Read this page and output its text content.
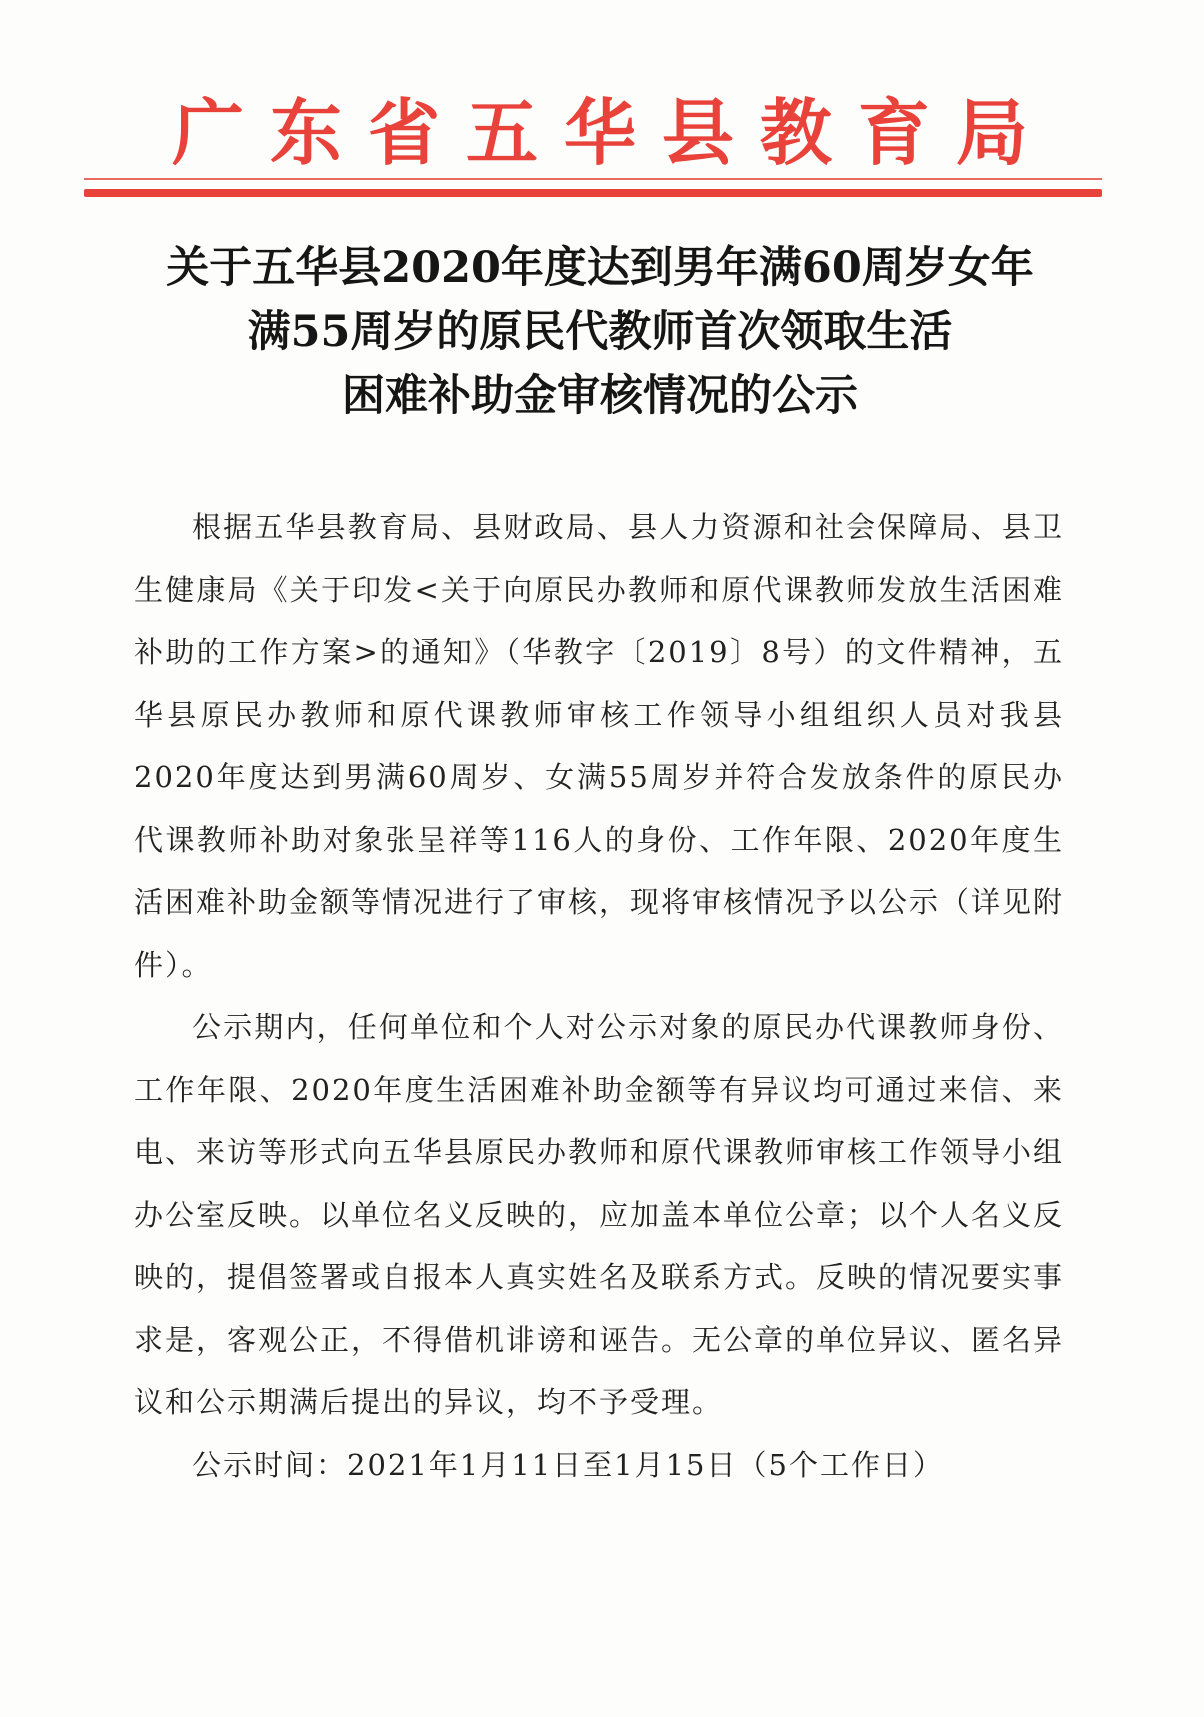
广 东 省 五 华 县 教 育 局
关于五华县2020年度达到男年满60周岁女年
满55周岁的原民代教师首次领取生活
困难补助金审核情况的公示

根据五华县教育局、县财政局、县人力资源和社会保障局、县卫生健康局《关于印发<关于向原民办教师和原代课教师发放生活困难补助的工作方案>的通知》（华教字〔2019〕8号）的文件精神，五华县原民办教师和原代课教师审核工作领导小组组织人员对我县2020年度达到男满60周岁、女满55周岁并符合发放条件的原民办代课教师补助对象张呈祥等116人的身份、工作年限、2020年度生活困难补助金额等情况进行了审核，现将审核情况予以公示（详见附件）。

公示期内，任何单位和个人对公示对象的原民办代课教师身份、工作年限、2020年度生活困难补助金额等有异议均可通过来信、来电、来访等形式向五华县原民办教师和原代课教师审核工作领导小组办公室反映。以单位名义反映的，应加盖本单位公章；以个人名义反映的，提倡签署或自报本人真实姓名及联系方式。反映的情况要实事求是，客观公正，不得借机诽谤和诬告。无公章的单位异议、匿名异议和公示期满后提出的异议，均不予受理。

公示时间：2021年1月11日至1月15日（5个工作日）
